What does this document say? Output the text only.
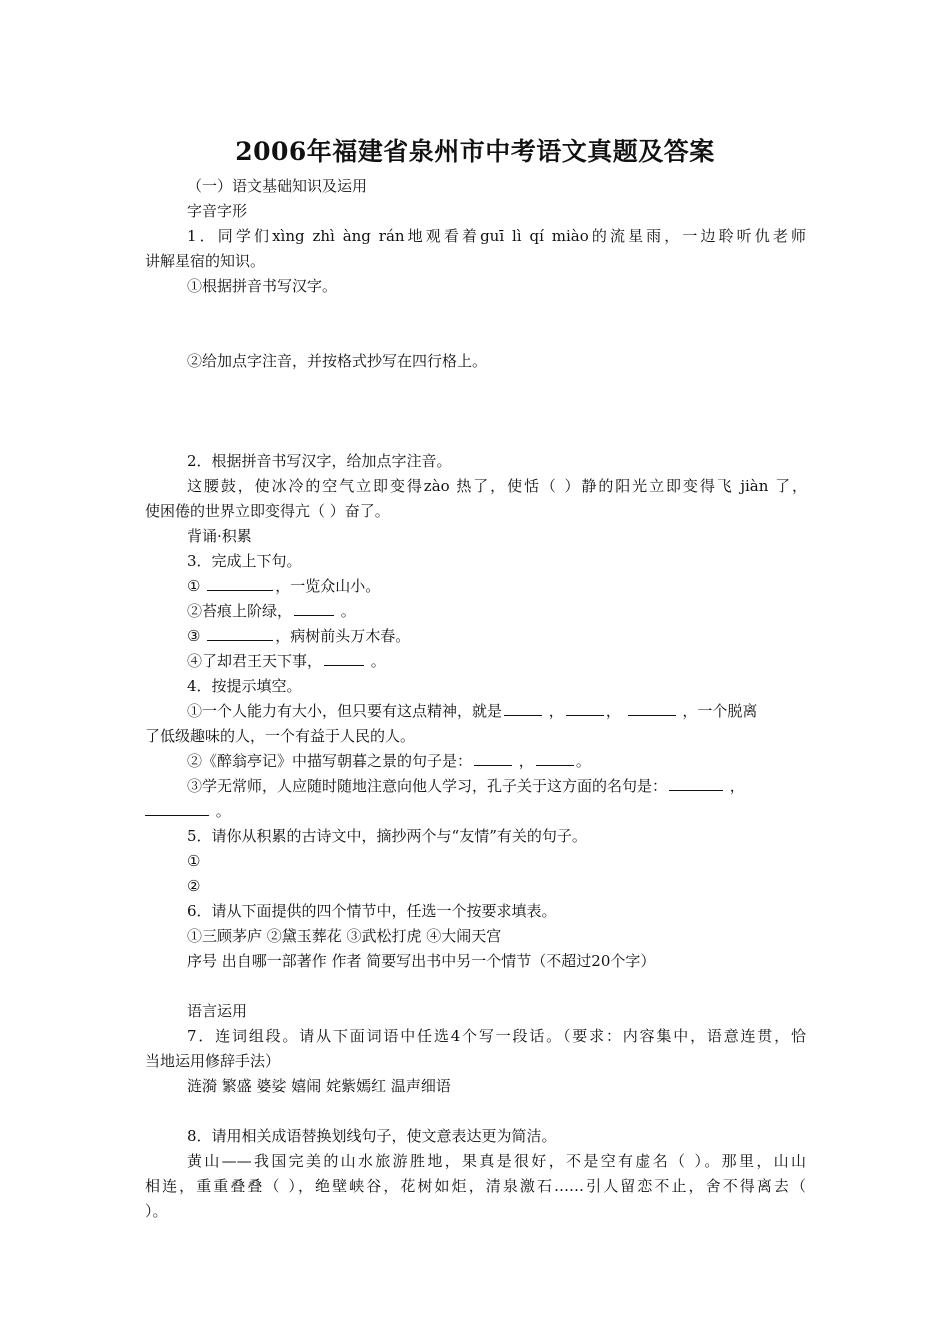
2006年福建省泉州市中考语文真题及答案
（一）语文基础知识及运用
字音字形
1．同学们xìng zhì àng rán地观看着guī lì qí miào的流星雨，一边聆听仇老师
讲解星宿的知识。
①根据拼音书写汉字。
②给加点字注音，并按格式抄写在四行格上。
2．根据拼音书写汉字，给加点字注音。
这腰鼓，使冰冷的空气立即变得zào 热了，使恬（ ）静的阳光立即变得飞 jiàn 了，
使困倦的世界立即变得亢（ ）奋了。
背诵·积累
3．完成上下句。
①	，一览众山小。
②苔痕上阶绿，	。
③	，病树前头万木春。
④了却君王天下事，	。
4．按提示填空。
①一个人能力有大小，但只要有这点精神，就是	，	，	，一个脱离
了低级趣味的人，一个有益于人民的人。
②《醉翁亭记》中描写朝暮之景的句子是：	，	。
③学无常师，人应随时随地注意向他人学习，孔子关于这方面的名句是：	，
。
5．请你从积累的古诗文中，摘抄两个与“友情”有关的句子。
①
②
6．请从下面提供的四个情节中，任选一个按要求填表。
①三顾茅庐 ②黛玉葬花 ③武松打虎 ④大闹天宫
序号 出自哪一部著作 作者 简要写出书中另一个情节（不超过20个字）
语言运用
7．连词组段。请从下面词语中任选4个写一段话。（要求：内容集中，语意连贯，恰
当地运用修辞手法）
涟漪 繁盛 婆娑 嬉闹 姹紫嫣红 温声细语
8．请用相关成语替换划线句子，使文意表达更为简洁。
黄山——我国完美的山水旅游胜地，果真是很好，不是空有虚名（ ）。那里，山山
相连，重重叠叠（ ），绝壁峡谷，花树如炬，清泉激石……引人留恋不止，舍不得离去（
）。
